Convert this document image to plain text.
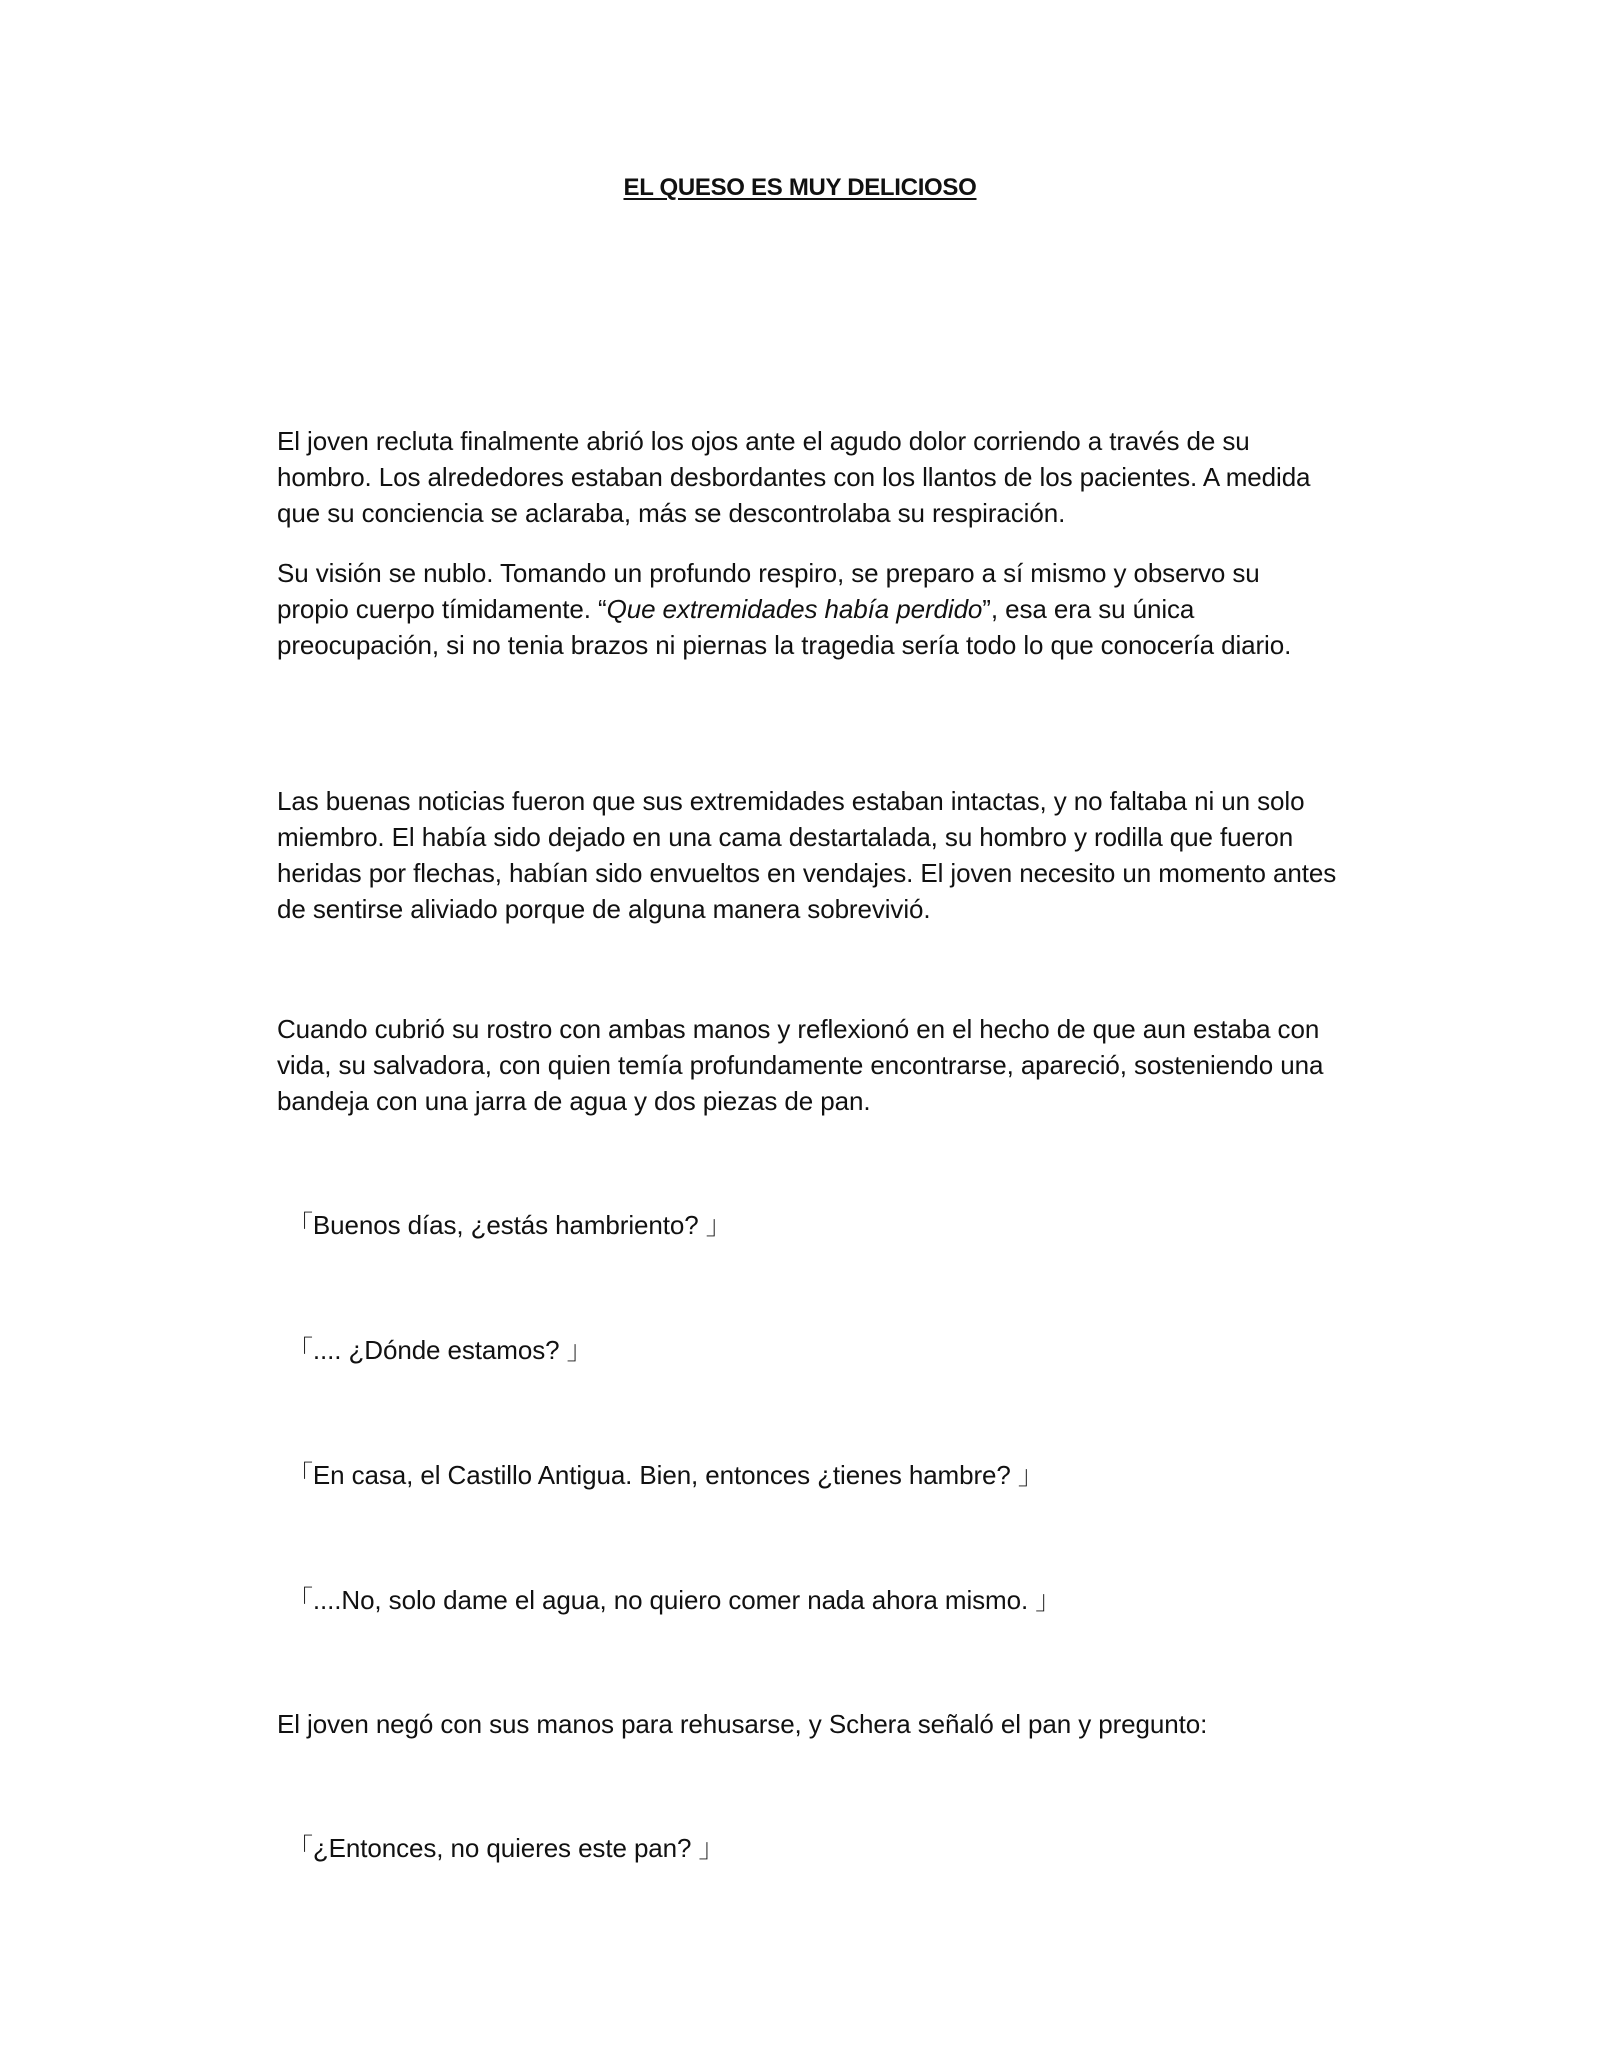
EL QUESO ES MUY DELICIOSO

El joven recluta finalmente abrió los ojos ante el agudo dolor corriendo a través de su hombro. Los alrededores estaban desbordantes con los llantos de los pacientes. A medida que su conciencia se aclaraba, más se descontrolaba su respiración.

Su visión se nublo. Tomando un profundo respiro, se preparo a sí mismo y observo su propio cuerpo tímidamente. “Que extremidades había perdido”, esa era su única preocupación, si no tenia brazos ni piernas la tragedia sería todo lo que conocería diario.

Las buenas noticias fueron que sus extremidades estaban intactas, y no faltaba ni un solo miembro. El había sido dejado en una cama destartalada, su hombro y rodilla que fueron heridas por flechas, habían sido envueltos en vendajes. El joven necesito un momento antes de sentirse aliviado porque de alguna manera sobrevivió.

Cuando cubrió su rostro con ambas manos y reflexionó en el hecho de que aun estaba con vida, su salvadora, con quien temía profundamente encontrarse, apareció, sosteniendo una bandeja con una jarra de agua y dos piezas de pan.

「Buenos días, ¿estás hambriento? 」

「.... ¿Dónde estamos? 」

「En casa, el Castillo Antigua. Bien, entonces ¿tienes hambre? 」

「....No, solo dame el agua, no quiero comer nada ahora mismo. 」

El joven negó con sus manos para rehusarse, y Schera señaló el pan y pregunto:

「¿Entonces, no quieres este pan? 」
